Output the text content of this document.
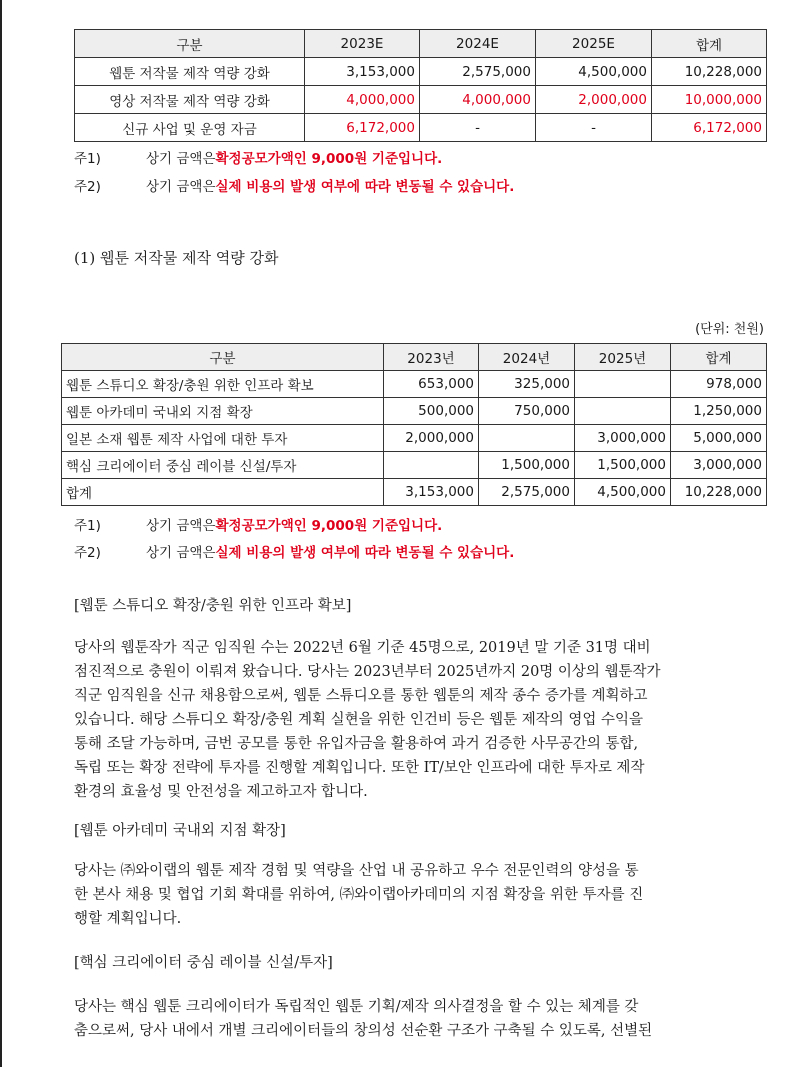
구분	2023E	2024E	2025E	합계
웹툰 저작물 제작 역량 강화	3,153,000	2,575,000	4,500,000	10,228,000
영상 저작물 제작 역량 강화	4,000,000	4,000,000	2,000,000	10,000,000
신규 사업 및 운영 자금	6,172,000	-	-	6,172,000
주1)	상기 금액은확정공모가액인 9,000원 기준입니다.
주2)	상기 금액은실제 비용의 발생 여부에 따라 변동될 수 있습니다.
(1) 웹툰 저작물 제작 역량 강화
(단위: 천원)
구분	2023년	2024년	2025년	합계
웹툰 스튜디오 확장/충원 위한 인프라 확보	653,000	325,000		978,000
웹툰 아카데미 국내외 지점 확장	500,000	750,000		1,250,000
일본 소재 웹툰 제작 사업에 대한 투자	2,000,000		3,000,000	5,000,000
핵심 크리에이터 중심 레이블 신설/투자		1,500,000	1,500,000	3,000,000
합계	3,153,000	2,575,000	4,500,000	10,228,000
주1)	상기 금액은확정공모가액인 9,000원 기준입니다.
주2)	상기 금액은실제 비용의 발생 여부에 따라 변동될 수 있습니다.
[웹툰 스튜디오 확장/충원 위한 인프라 확보]
당사의 웹툰작가 직군 임직원 수는 2022년 6월 기준 45명으로, 2019년 말 기준 31명 대비
점진적으로 충원이 이뤄져 왔습니다. 당사는 2023년부터 2025년까지 20명 이상의 웹툰작가
직군 임직원을 신규 채용함으로써, 웹툰 스튜디오를 통한 웹툰의 제작 종수 증가를 계획하고
있습니다. 해당 스튜디오 확장/충원 계획 실현을 위한 인건비 등은 웹툰 제작의 영업 수익을
통해 조달 가능하며, 금번 공모를 통한 유입자금을 활용하여 과거 검증한 사무공간의 통합,
독립 또는 확장 전략에 투자를 진행할 계획입니다. 또한 IT/보안 인프라에 대한 투자로 제작
환경의 효율성 및 안전성을 제고하고자 합니다.
[웹툰 아카데미 국내외 지점 확장]
당사는 ㈜와이랩의 웹툰 제작 경험 및 역량을 산업 내 공유하고 우수 전문인력의 양성을 통
한 본사 채용 및 협업 기회 확대를 위하여, ㈜와이랩아카데미의 지점 확장을 위한 투자를 진
행할 계획입니다.
[핵심 크리에이터 중심 레이블 신설/투자]
당사는 핵심 웹툰 크리에이터가 독립적인 웹툰 기획/제작 의사결정을 할 수 있는 체계를 갖
춤으로써, 당사 내에서 개별 크리에이터들의 창의성 선순환 구조가 구축될 수 있도록, 선별된
